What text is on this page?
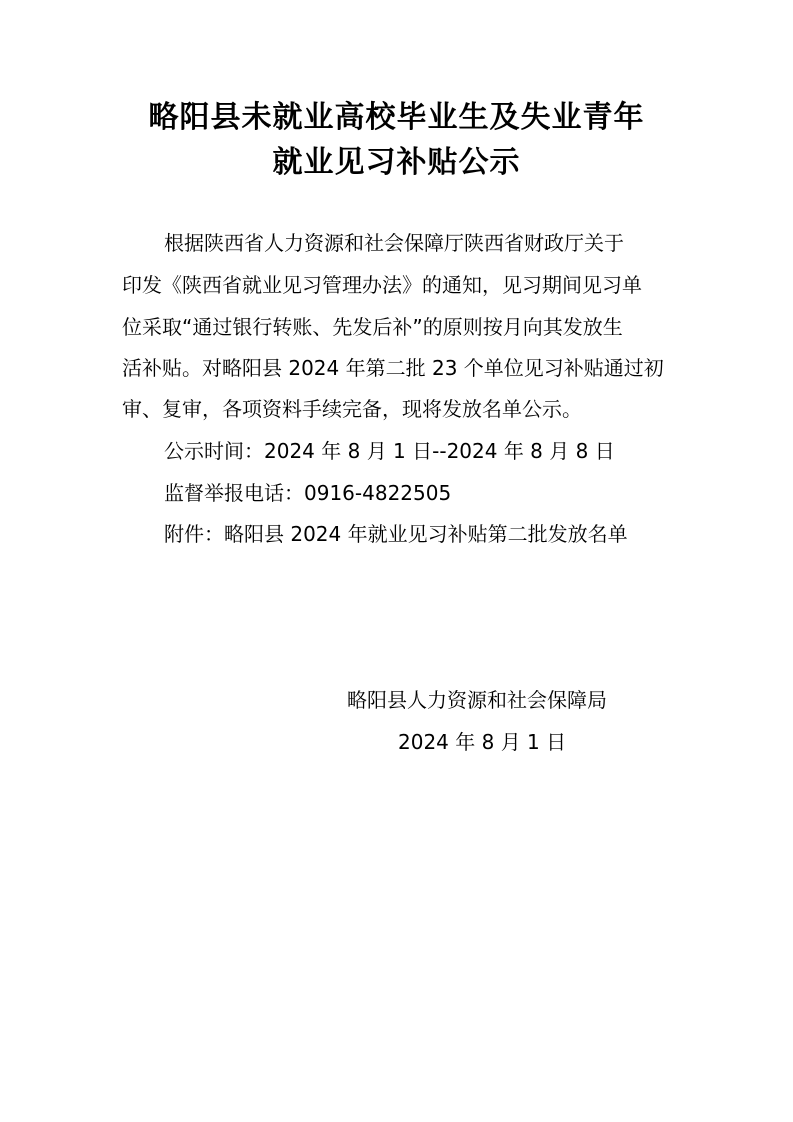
略阳县未就业高校毕业生及失业青年
就业见习补贴公示
根据陕西省人力资源和社会保障厅陕西省财政厅关于
印发《陕西省就业见习管理办法》的通知，见习期间见习单
位采取“通过银行转账、先发后补”的原则按月向其发放生
活补贴。对略阳县 2024 年第二批 23 个单位见习补贴通过初
审、复审，各项资料手续完备，现将发放名单公示。
公示时间：2024 年 8 月 1 日--2024 年 8 月 8 日
监督举报电话：0916-4822505
附件：略阳县 2024 年就业见习补贴第二批发放名单
略阳县人力资源和社会保障局
2024 年 8 月 1 日
